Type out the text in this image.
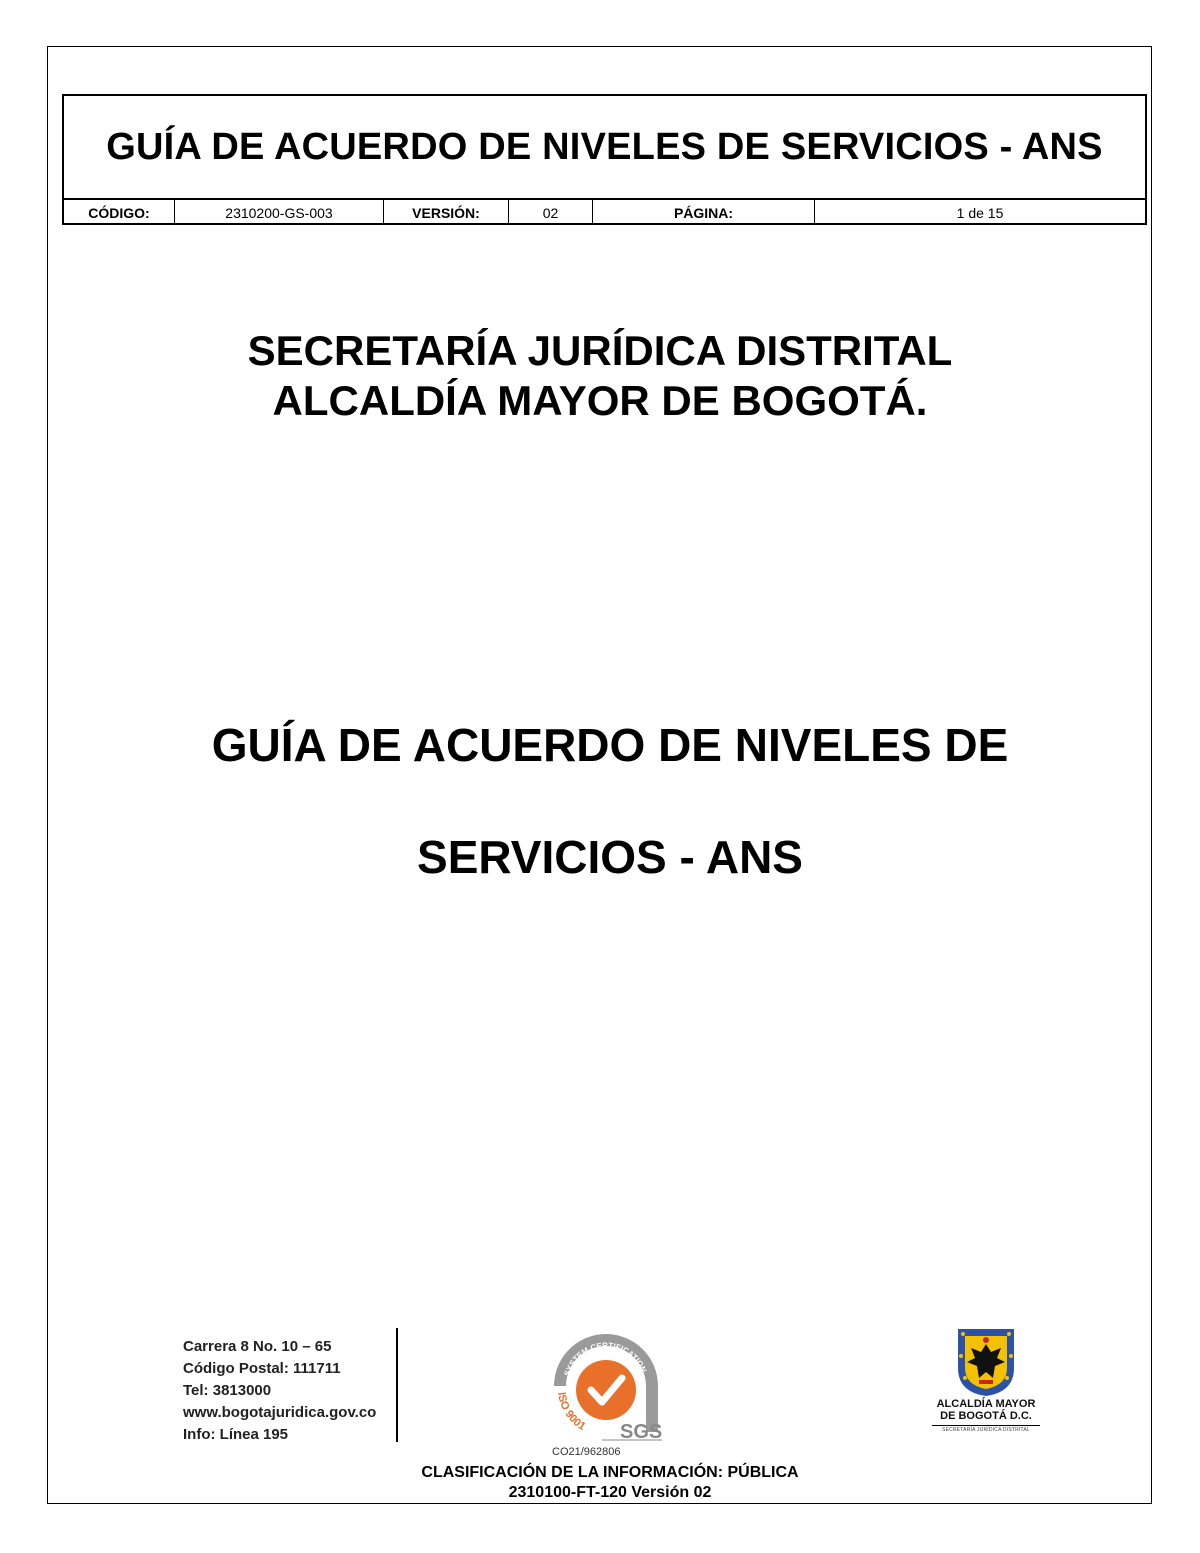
GUÍA DE ACUERDO DE NIVELES DE SERVICIOS - ANS
CÓDIGO:	2310200-GS-003	VERSIÓN:	02	PÁGINA:	1 de 15
SECRETARÍA JURÍDICA DISTRITAL
ALCALDÍA MAYOR DE BOGOTÁ.
GUÍA DE ACUERDO DE NIVELES DE
SERVICIOS - ANS
Carrera 8 No. 10 – 65
Código Postal: 111711
Tel: 3813000
www.bogotajuridica.gov.co
Info: Línea 195
SYSTEM CERTIFICATION
ISO 9001 SGS
CO21/962806
ALCALDÍA MAYOR
DE BOGOTÁ D.C.
SECRETARÍA JURÍDICA DISTRITAL
CLASIFICACIÓN DE LA INFORMACIÓN: PÚBLICA
2310100-FT-120 Versión 02
